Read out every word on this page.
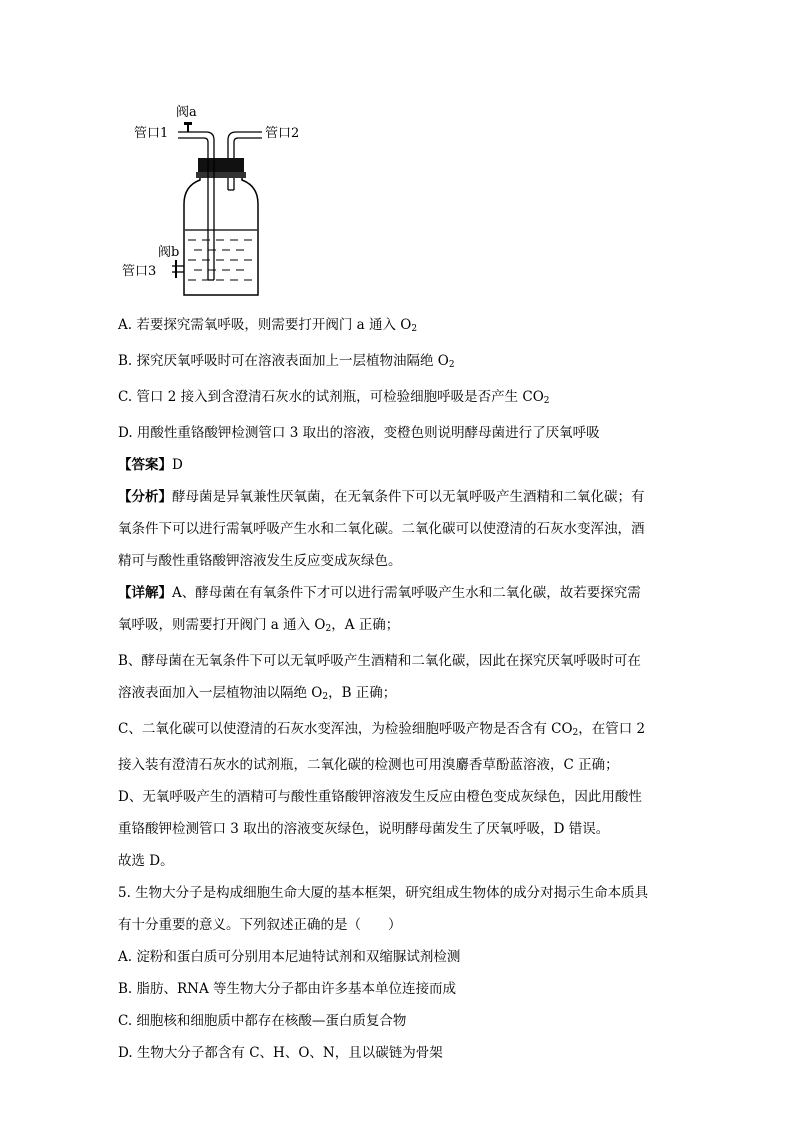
阀a
管口1	管口2
阀b
管口3

A. 若要探究需氧呼吸，则需要打开阀门 a 通入 $O_2$

B. 探究厌氧呼吸时可在溶液表面加上一层植物油隔绝 $O_2$

C. 管口 2 接入到含澄清石灰水的试剂瓶，可检验细胞呼吸是否产生 $CO_2$

D. 用酸性重铬酸钾检测管口 3 取出的溶液，变橙色则说明酵母菌进行了厌氧呼吸

【答案】D

【分析】酵母菌是异氧兼性厌氧菌，在无氧条件下可以无氧呼吸产生酒精和二氧化碳；有
氧条件下可以进行需氧呼吸产生水和二氧化碳。二氧化碳可以使澄清的石灰水变浑浊，酒
精可与酸性重铬酸钾溶液发生反应变成灰绿色。

【详解】A、酵母菌在有氧条件下才可以进行需氧呼吸产生水和二氧化碳，故若要探究需
氧呼吸，则需要打开阀门 a 通入 $O_2$，A 正确；
B、酵母菌在无氧条件下可以无氧呼吸产生酒精和二氧化碳，因此在探究厌氧呼吸时可在
溶液表面加入一层植物油以隔绝 $O_2$，B 正确；
C、二氧化碳可以使澄清的石灰水变浑浊，为检验细胞呼吸产物是否含有 $CO_2$，在管口 2
接入装有澄清石灰水的试剂瓶，二氧化碳的检测也可用溴麝香草酚蓝溶液，C 正确；
D、无氧呼吸产生的酒精可与酸性重铬酸钾溶液发生反应由橙色变成灰绿色，因此用酸性
重铬酸钾检测管口 3 取出的溶液变灰绿色，说明酵母菌发生了厌氧呼吸，D 错误。

故选 D。

5. 生物大分子是构成细胞生命大厦的基本框架，研究组成生物体的成分对揭示生命本质具
有十分重要的意义。下列叙述正确的是（　　）

A. 淀粉和蛋白质可分别用本尼迪特试剂和双缩脲试剂检测

B. 脂肪、RNA 等生物大分子都由许多基本单位连接而成

C. 细胞核和细胞质中都存在核酸—蛋白质复合物

D. 生物大分子都含有 C、H、O、N，且以碳链为骨架
